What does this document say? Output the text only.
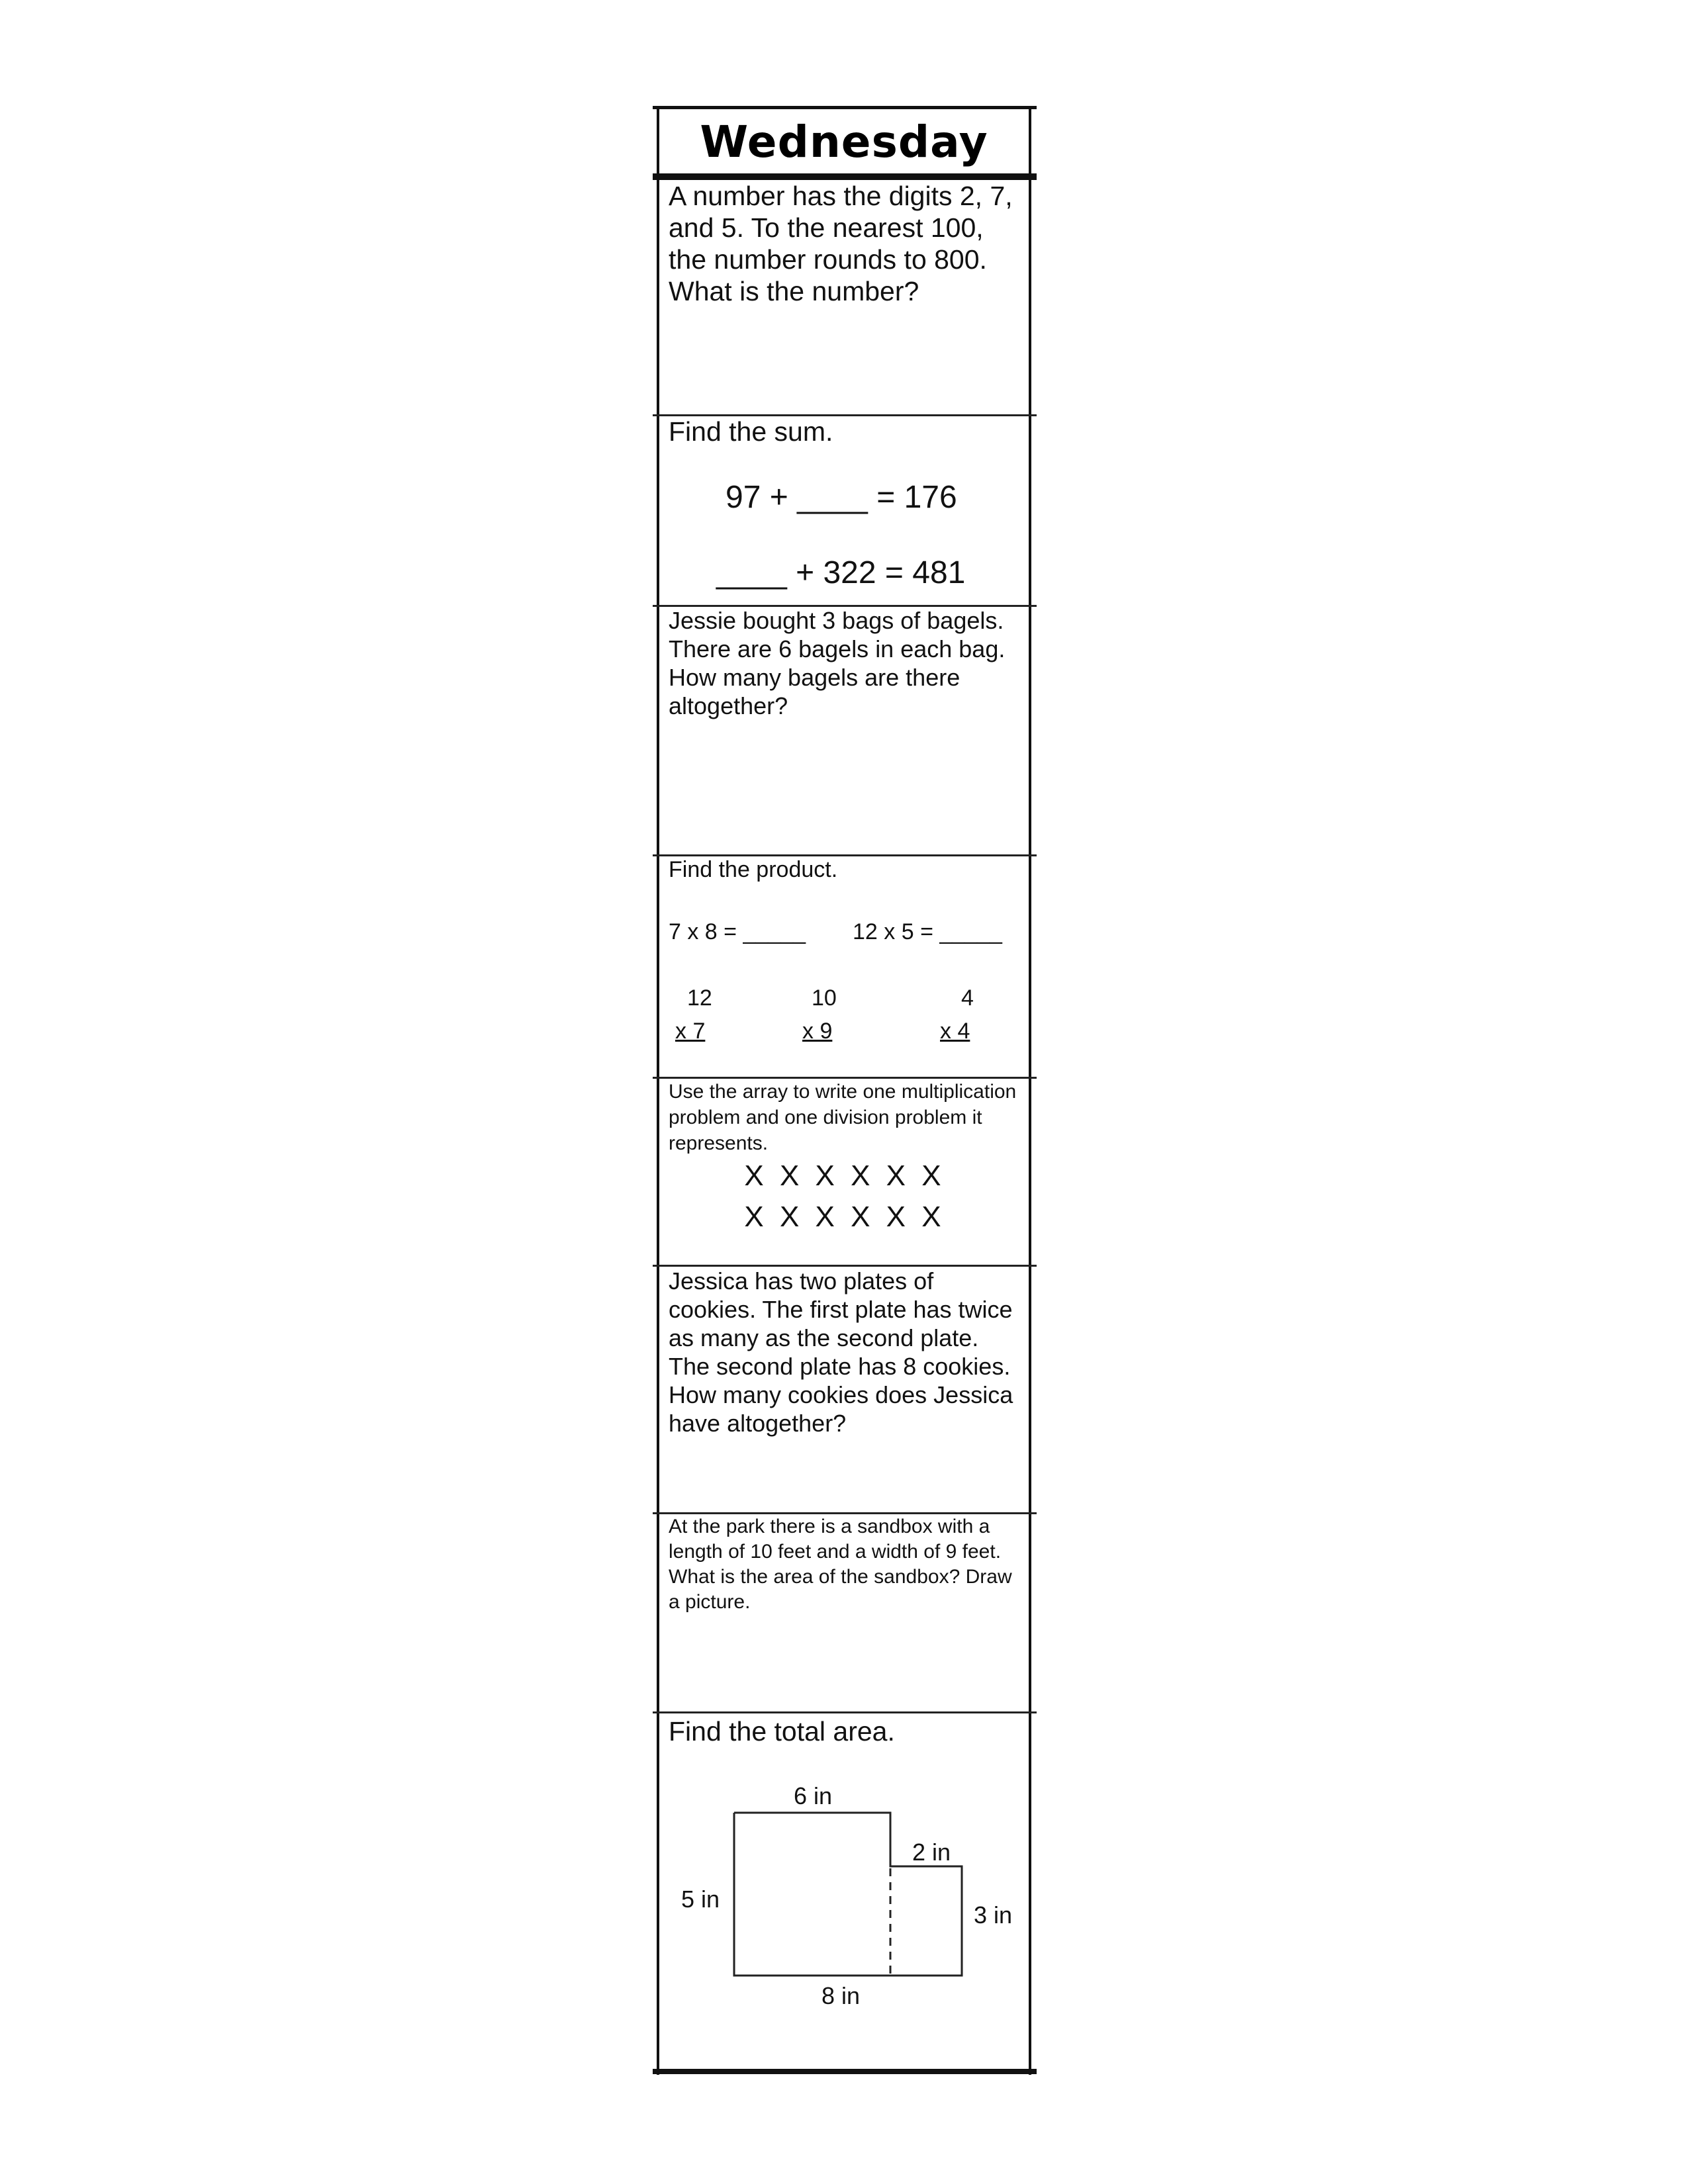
Wednesday
A number has the digits 2, 7, and 5. To the nearest 100, the number rounds to 800. What is the number?
Find the sum.
97 + ____ = 176
____ + 322 = 481
Jessie bought 3 bags of bagels. There are 6 bagels in each bag. How many bagels are there altogether?
Find the product.
7 x 8 = _____ 12 x 5 = _____
12
x 7
10
x 9
4
x 4
Use the array to write one multiplication problem and one division problem it represents.
X X X X X X
X X X X X X
Jessica has two plates of cookies. The first plate has twice as many as the second plate. The second plate has 8 cookies. How many cookies does Jessica have altogether?
At the park there is a sandbox with a length of 10 feet and a width of 9 feet. What is the area of the sandbox? Draw a picture.
Find the total area.
6 in
2 in
5 in
3 in
8 in
